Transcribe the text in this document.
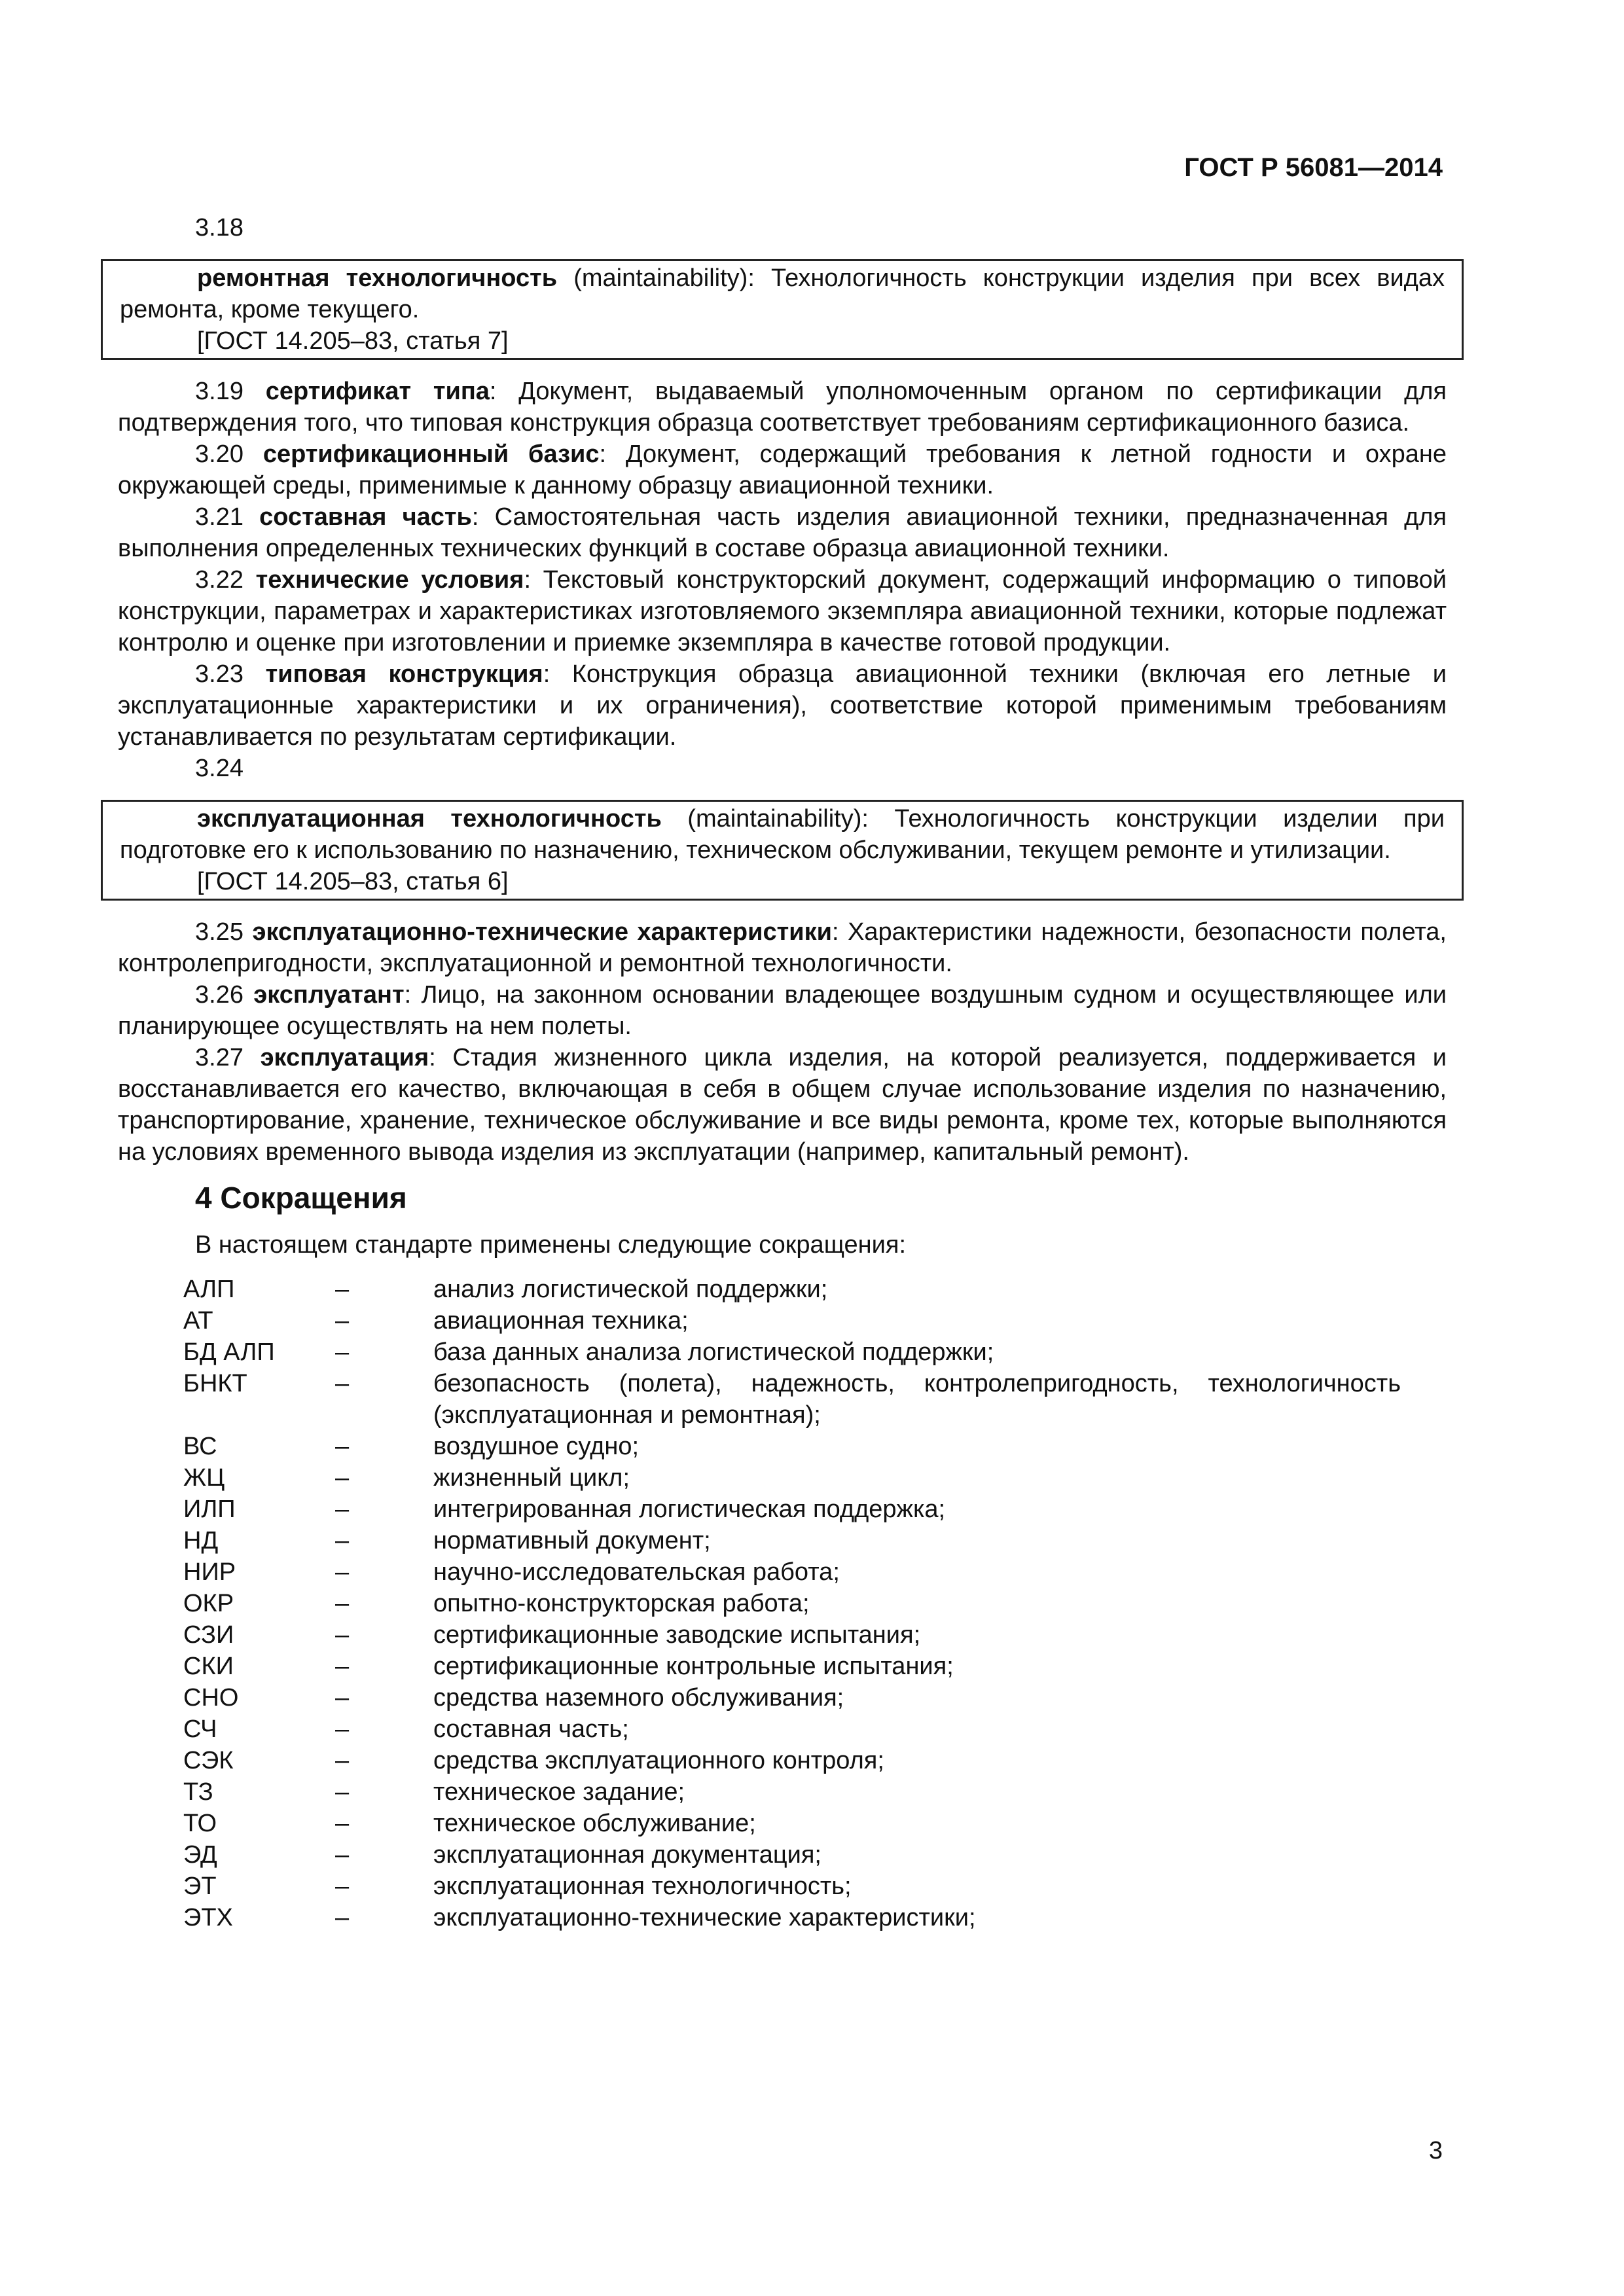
ГОСТ Р 56081—2014
3.18

ремонтная технологичность (maintainability): Технологичность конструкции изделия при всех видах ремонта, кроме текущего.

[ГОСТ 14.205–83, статья 7]

3.19 сертификат типа: Документ, выдаваемый уполномоченным органом по сертификации для подтверждения того, что типовая конструкция образца соответствует требованиям сертификационного базиса.

3.20 сертификационный базис: Документ, содержащий требования к летной годности и охране окружающей среды, применимые к данному образцу авиационной техники.

3.21 составная часть: Самостоятельная часть изделия авиационной техники, предназначенная для выполнения определенных технических функций в составе образца авиационной техники.

3.22 технические условия: Текстовый конструкторский документ, содержащий информацию о типовой конструкции, параметрах и характеристиках изготовляемого экземпляра авиационной техники, которые подлежат контролю и оценке при изготовлении и приемке экземпляра в качестве готовой продукции.

3.23 типовая конструкция: Конструкция образца авиационной техники (включая его летные и эксплуатационные характеристики и их ограничения), соответствие которой применимым требованиям устанавливается по результатам сертификации.

3.24

эксплуатационная технологичность (maintainability): Технологичность конструкции изделии при подготовке его к использованию по назначению, техническом обслуживании, текущем ремонте и утилизации.

[ГОСТ 14.205–83, статья 6]

3.25 эксплуатационно-технические характеристики: Характеристики надежности, безопасности полета, контролепригодности, эксплуатационной и ремонтной технологичности.

3.26 эксплуатант: Лицо, на законном основании владеющее воздушным судном и осуществляющее или планирующее осуществлять на нем полеты.

3.27 эксплуатация: Стадия жизненного цикла изделия, на которой реализуется, поддерживается и восстанавливается его качество, включающая в себя в общем случае использование изделия по назначению, транспортирование, хранение, техническое обслуживание и все виды ремонта, кроме тех, которые выполняются на условиях временного вывода изделия из эксплуатации (например, капитальный ремонт).

4 Сокращения

В настоящем стандарте применены следующие сокращения:

АЛП	–	анализ логистической поддержки;
АТ	–	авиационная техника;
БД АЛП	–	база данных анализа логистической поддержки;
БНКТ	–	безопасность (полета), надежность, контролепригодность, технологичность (эксплуатационная и ремонтная);
ВС	–	воздушное судно;
ЖЦ	–	жизненный цикл;
ИЛП	–	интегрированная логистическая поддержка;
НД	–	нормативный документ;
НИР	–	научно-исследовательская работа;
ОКР	–	опытно-конструкторская работа;
СЗИ	–	сертификационные заводские испытания;
СКИ	–	сертификационные контрольные испытания;
СНО	–	средства наземного обслуживания;
СЧ	–	составная часть;
СЭК	–	средства эксплуатационного контроля;
ТЗ	–	техническое задание;
ТО	–	техническое обслуживание;
ЭД	–	эксплуатационная документация;
ЭТ	–	эксплуатационная технологичность;
ЭТХ	–	эксплуатационно-технические характеристики;
3
